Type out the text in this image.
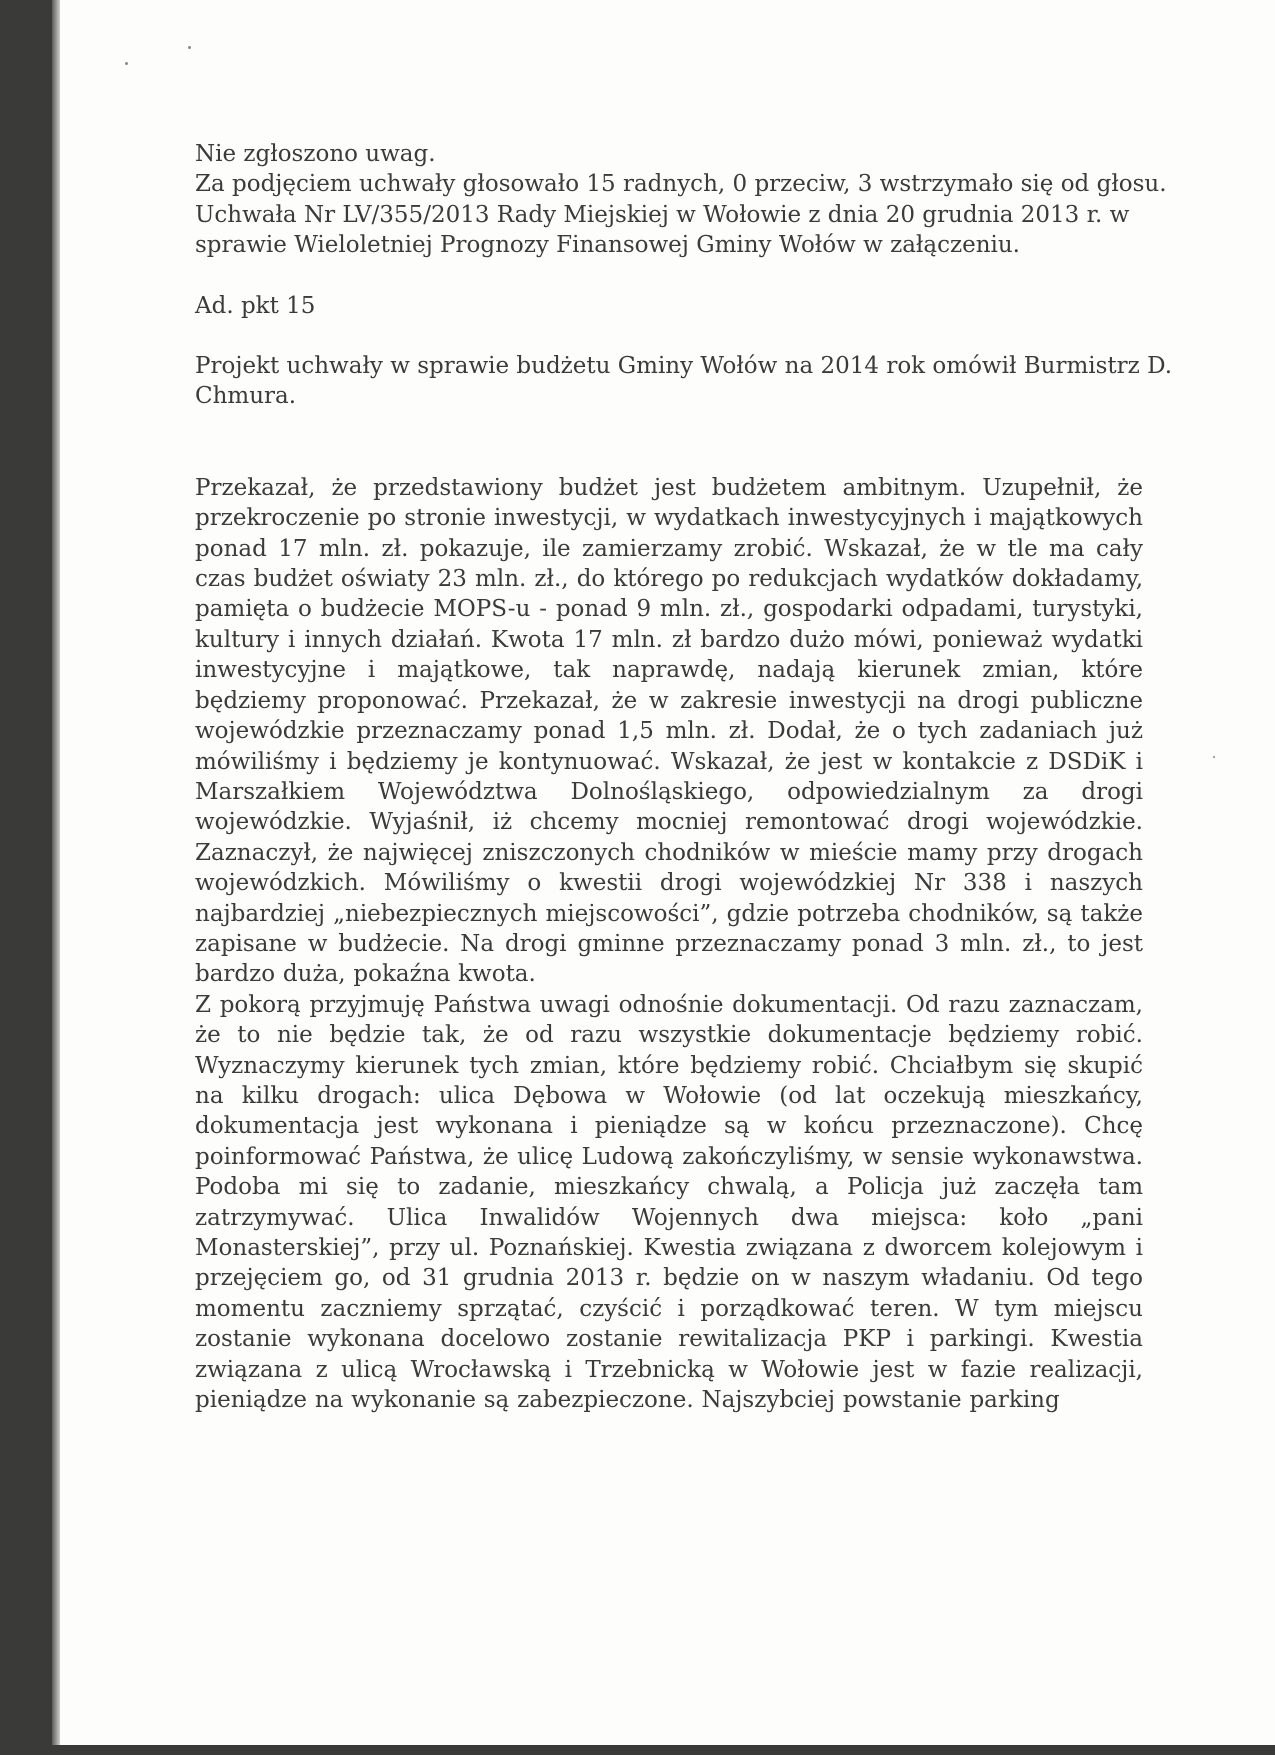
Nie zgłoszono uwag.

Za podjęciem uchwały głosowało 15 radnych, 0 przeciw, 3 wstrzymało się od głosu.

Uchwała Nr LV/355/2013 Rady Miejskiej w Wołowie z dnia 20 grudnia 2013 r. w

sprawie Wieloletniej Prognozy Finansowej Gminy Wołów w załączeniu.

Ad. pkt 15

Projekt uchwały w sprawie budżetu Gminy Wołów na 2014 rok omówił Burmistrz D.

Chmura.

Przekazał, że przedstawiony budżet jest budżetem ambitnym. Uzupełnił, że przekroczenie po stronie inwestycji, w wydatkach inwestycyjnych i majątkowych ponad 17 mln. zł. pokazuje, ile zamierzamy zrobić. Wskazał, że w tle ma cały czas budżet oświaty 23 mln. zł., do którego po redukcjach wydatków dokładamy, pamięta o budżecie MOPS-u - ponad 9 mln. zł., gospodarki odpadami, turystyki, kultury i innych działań. Kwota 17 mln. zł bardzo dużo mówi, ponieważ wydatki inwestycyjne i majątkowe, tak naprawdę, nadają kierunek zmian, które będziemy proponować. Przekazał, że w zakresie inwestycji na drogi publiczne wojewódzkie przeznaczamy ponad 1,5 mln. zł. Dodał, że o tych zadaniach już mówiliśmy i będziemy je kontynuować. Wskazał, że jest w kontakcie z DSDiK i Marszałkiem Województwa Dolnośląskiego, odpowiedzialnym za drogi wojewódzkie. Wyjaśnił, iż chcemy mocniej remontować drogi wojewódzkie. Zaznaczył, że najwięcej zniszczonych chodników w mieście mamy przy drogach wojewódzkich. Mówiliśmy o kwestii drogi wojewódzkiej Nr 338 i naszych najbardziej „niebezpiecznych miejscowości”, gdzie potrzeba chodników, są także zapisane w budżecie. Na drogi gminne przeznaczamy ponad 3 mln. zł., to jest bardzo duża, pokaźna kwota.

Z pokorą przyjmuję Państwa uwagi odnośnie dokumentacji. Od razu zaznaczam, że to nie będzie tak, że od razu wszystkie dokumentacje będziemy robić. Wyznaczymy kierunek tych zmian, które będziemy robić. Chciałbym się skupić na kilku drogach: ulica Dębowa w Wołowie (od lat oczekują mieszkańcy, dokumentacja jest wykonana i pieniądze są w końcu przeznaczone). Chcę poinformować Państwa, że ulicę Ludową zakończyliśmy, w sensie wykonawstwa. Podoba mi się to zadanie, mieszkańcy chwalą, a Policja już zaczęła tam zatrzymywać. Ulica Inwalidów Wojennych dwa miejsca: koło „pani Monasterskiej”, przy ul. Poznańskiej. Kwestia związana z dworcem kolejowym i przejęciem go, od 31 grudnia 2013 r. będzie on w naszym władaniu. Od tego momentu zaczniemy sprzątać, czyścić i porządkować teren. W tym miejscu zostanie wykonana docelowo zostanie rewitalizacja PKP i parkingi. Kwestia związana z ulicą Wrocławską i Trzebnicką w Wołowie jest w fazie realizacji, pieniądze na wykonanie są zabezpieczone. Najszybciej powstanie parking
